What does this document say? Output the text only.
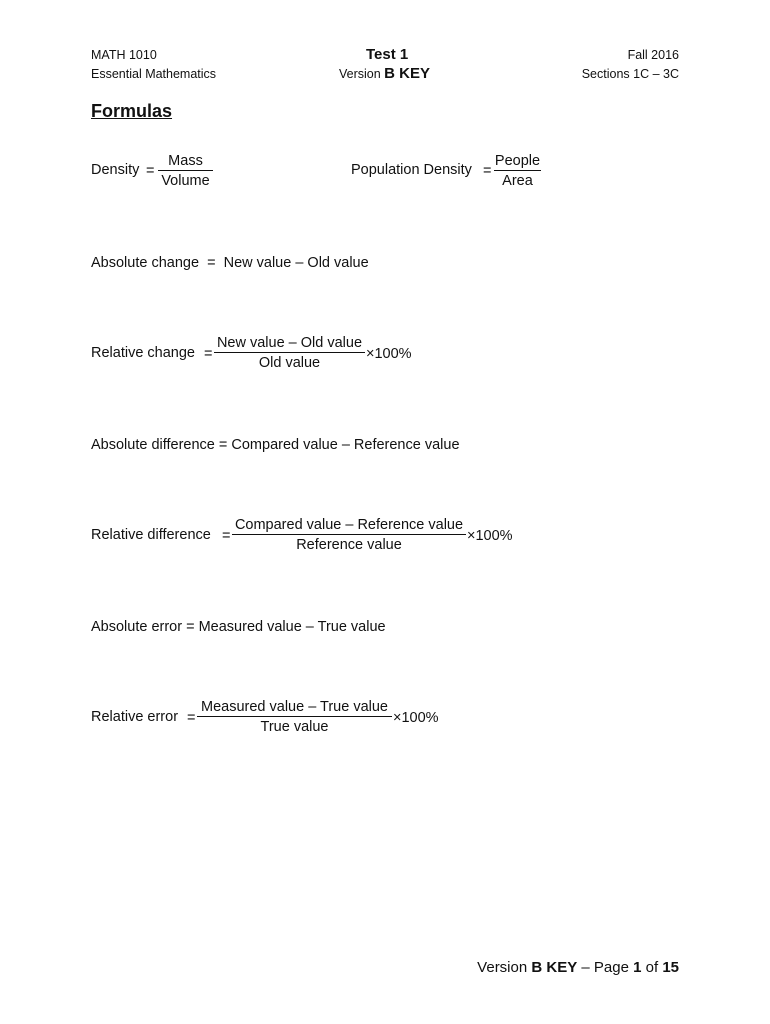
MATH 1010
Essential Mathematics
Test 1
Version B KEY
Fall 2016
Sections 1C – 3C
Formulas
Density =
Mass
Volume
Population Density =
People
Area
Absolute change  =  New value – Old value
Relative change =
New value – Old value
Old value
×100%
Absolute difference = Compared value – Reference value
Relative difference =
Compared value – Reference value
Reference value
×100%
Absolute error = Measured value – True value
Relative error =
Measured value – True value
True value
×100%
Version B KEY – Page 1 of 15
